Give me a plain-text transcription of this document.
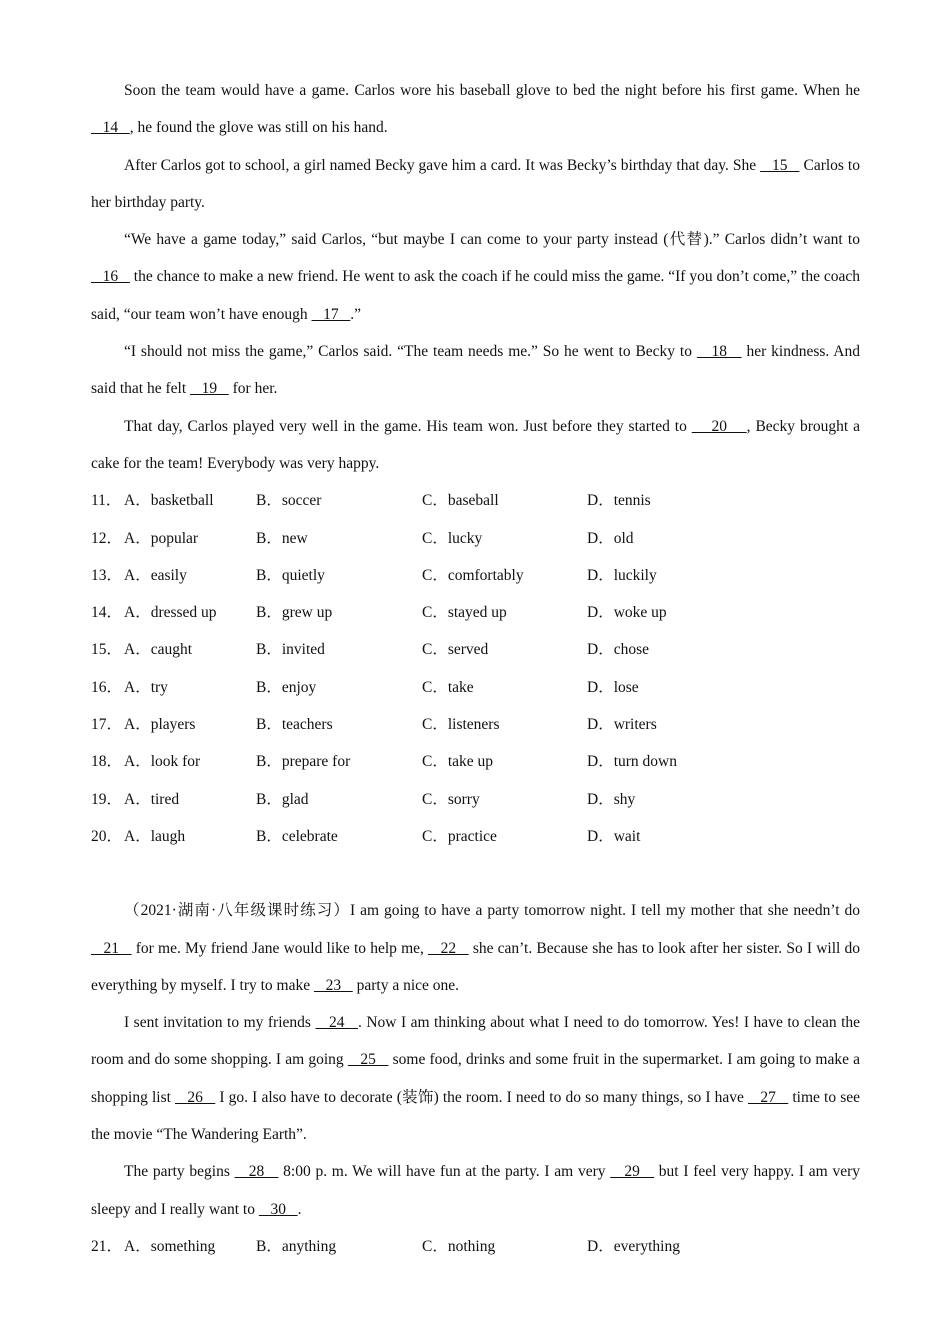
Soon the team would have a game. Carlos wore his baseball glove to bed the night before his first game. When he    14   , he found the glove was still on his hand.

After Carlos got to school, a girl named Becky gave him a card. It was Becky’s birthday that day. She    15    Carlos to her birthday party.

“We have a game today,” said Carlos, “but maybe I can come to your party instead (代替).” Carlos didn’t want to    16    the chance to make a new friend. He went to ask the coach if he could miss the game. “If you don’t come,” the coach said, “our team won’t have enough    17   .”

“I should not miss the game,” Carlos said. “The team needs me.” So he went to Becky to    18    her kindness. And said that he felt    19    for her.

That day, Carlos played very well in the game. His team won. Just before they started to     20    , Becky brought a cake for the team! Everybody was very happy.

11． A．basketball	B．soccer	C．baseball	D．tennis
12． A．popular	B．new	C．lucky	D．old
13． A．easily	B．quietly	C．comfortably	D．luckily
14． A．dressed up	B．grew up	C．stayed up	D．woke up
15． A．caught	B．invited	C．served	D．chose
16． A．try	B．enjoy	C．take	D．lose
17． A．players	B．teachers	C．listeners	D．writers
18． A．look for	B．prepare for	C．take up	D．turn down
19． A．tired	B．glad	C．sorry	D．shy
20． A．laugh	B．celebrate	C．practice	D．wait

（2021·湖南·八年级课时练习）I am going to have a party tomorrow night. I tell my mother that she needn’t do    21    for me. My friend Jane would like to help me,    22    she can’t. Because she has to look after her sister. So I will do everything by myself. I try to make    23    party a nice one.

I sent invitation to my friends    24   . Now I am thinking about what I need to do tomorrow. Yes! I have to clean the room and do some shopping. I am going    25    some food, drinks and some fruit in the supermarket. I am going to make a shopping list    26    I go. I also have to decorate (装饰) the room. I need to do so many things, so I have    27    time to see the movie “The Wandering Earth”.

The party begins    28    8:00 p. m. We will have fun at the party. I am very    29    but I feel very happy. I am very sleepy and I really want to    30   .

21． A．something	B．anything	C．nothing	D．everything
